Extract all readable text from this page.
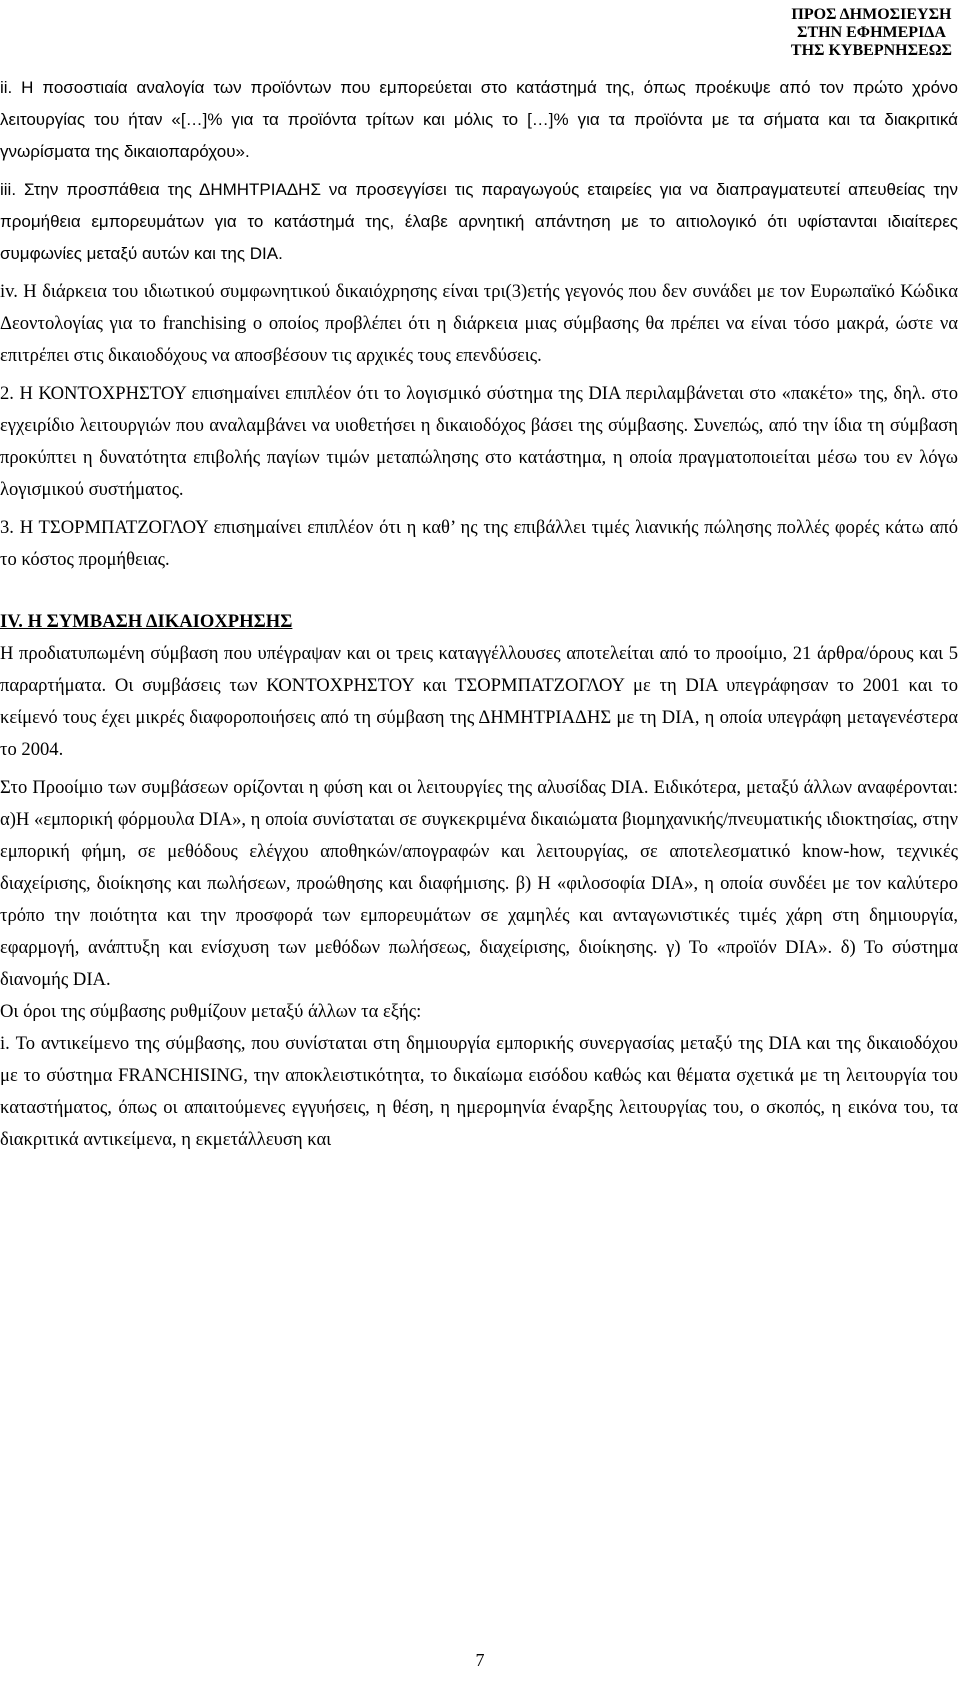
ΠΡΟΣ ΔΗΜΟΣΙΕΥΣΗ
ΣΤΗΝ ΕΦΗΜΕΡΙΔΑ
ΤΗΣ ΚΥΒΕΡΝΗΣΕΩΣ

ii. Η ποσοστιαία αναλογία των προϊόντων που εμπορεύεται στο κατάστημά της, όπως προέκυψε από τον πρώτο χρόνο λειτουργίας του ήταν «[…]% για τα προϊόντα τρίτων και μόλις το […]% για τα προϊόντα με τα σήματα και τα διακριτικά γνωρίσματα της δικαιοπαρόχου».

iii. Στην προσπάθεια της ΔΗΜΗΤΡΙΑΔΗΣ να προσεγγίσει τις παραγωγούς εταιρείες για να διαπραγματευτεί απευθείας την προμήθεια εμπορευμάτων για το κατάστημά της, έλαβε αρνητική απάντηση με το αιτιολογικό ότι υφίστανται ιδιαίτερες συμφωνίες μεταξύ αυτών και της DIA.

iv. Η διάρκεια του ιδιωτικού συμφωνητικού δικαιόχρησης είναι τρι(3)ετής γεγονός που δεν συνάδει με τον Ευρωπαϊκό Κώδικα Δεοντολογίας για το franchising ο οποίος προβλέπει ότι η διάρκεια μιας σύμβασης θα πρέπει να είναι τόσο μακρά, ώστε να επιτρέπει στις δικαιοδόχους να αποσβέσουν τις αρχικές τους επενδύσεις.

2. Η ΚΟΝΤΟΧΡΗΣΤΟΥ επισημαίνει επιπλέον ότι το λογισμικό σύστημα της DIA περιλαμβάνεται στο «πακέτο» της, δηλ. στο εγχειρίδιο λειτουργιών που αναλαμβάνει να υιοθετήσει η δικαιοδόχος βάσει της σύμβασης. Συνεπώς, από την ίδια τη σύμβαση προκύπτει η δυνατότητα επιβολής παγίων τιμών μεταπώλησης στο κατάστημα, η οποία πραγματοποιείται μέσω του εν λόγω λογισμικού συστήματος.

3. Η ΤΣΟΡΜΠΑΤΖΟΓΛΟΥ επισημαίνει επιπλέον ότι η καθ’ ης της επιβάλλει τιμές λιανικής πώλησης πολλές φορές κάτω από το κόστος προμήθειας.

IV. Η ΣΥΜΒΑΣΗ ΔΙΚΑΙΟΧΡΗΣΗΣ

Η προδιατυπωμένη σύμβαση που υπέγραψαν και οι τρεις καταγγέλλουσες αποτελείται από το προοίμιο, 21 άρθρα/όρους και 5 παραρτήματα. Οι συμβάσεις των ΚΟΝΤΟΧΡΗΣΤΟΥ και ΤΣΟΡΜΠΑΤΖΟΓΛΟΥ με τη DIA υπεγράφησαν το 2001 και το κείμενό τους έχει μικρές διαφοροποιήσεις από τη σύμβαση της ΔΗΜΗΤΡΙΑΔΗΣ με τη DIA, η οποία υπεγράφη μεταγενέστερα το 2004.

Στο Προοίμιο των συμβάσεων ορίζονται η φύση και οι λειτουργίες της αλυσίδας DIA. Ειδικότερα, μεταξύ άλλων αναφέρονται: α)Η «εμπορική φόρμουλα DIA», η οποία συνίσταται σε συγκεκριμένα δικαιώματα βιομηχανικής/πνευματικής ιδιοκτησίας, στην εμπορική φήμη, σε μεθόδους ελέγχου αποθηκών/απογραφών και λειτουργίας, σε αποτελεσματικό know-how, τεχνικές διαχείρισης, διοίκησης και πωλήσεων, προώθησης και διαφήμισης. β) Η «φιλοσοφία DIA», η οποία συνδέει με τον καλύτερο τρόπο την ποιότητα και την προσφορά των εμπορευμάτων σε χαμηλές και ανταγωνιστικές τιμές χάρη στη δημιουργία, εφαρμογή, ανάπτυξη και ενίσχυση των μεθόδων πωλήσεως, διαχείρισης, διοίκησης. γ) Το «προϊόν DIA». δ) Το σύστημα διανομής DIA.

Οι όροι της σύμβασης ρυθμίζουν μεταξύ άλλων τα εξής:

i. Το αντικείμενο της σύμβασης, που συνίσταται στη δημιουργία εμπορικής συνεργασίας μεταξύ της DIA και της δικαιοδόχου με το σύστημα FRANCHISING, την αποκλειστικότητα, το δικαίωμα εισόδου καθώς και θέματα σχετικά με τη λειτουργία του καταστήματος, όπως οι απαιτούμενες εγγυήσεις, η θέση, η ημερομηνία έναρξης λειτουργίας του, ο σκοπός, η εικόνα του, τα διακριτικά αντικείμενα, η εκμετάλλευση και

7
